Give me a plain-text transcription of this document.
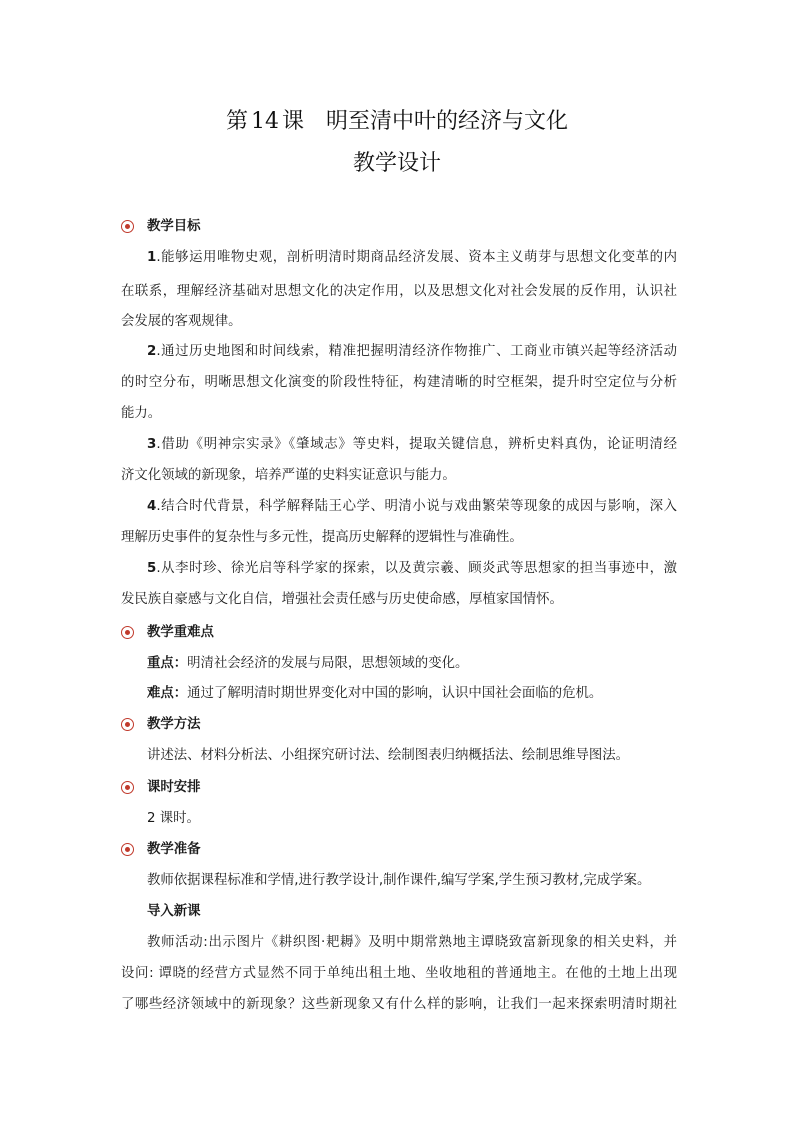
第 14 课 明至清中叶的经济与文化
教学设计
教学目标
1.能够运用唯物史观，剖析明清时期商品经济发展、资本主义萌芽与思想文化变革的内
在联系，理解经济基础对思想文化的决定作用，以及思想文化对社会发展的反作用，认识社
会发展的客观规律。
2.通过历史地图和时间线索，精准把握明清经济作物推广、工商业市镇兴起等经济活动
的时空分布，明晰思想文化演变的阶段性特征，构建清晰的时空框架，提升时空定位与分析
能力。
3.借助《明神宗实录》《肇域志》等史料，提取关键信息，辨析史料真伪，论证明清经
济文化领域的新现象，培养严谨的史料实证意识与能力。
4.结合时代背景，科学解释陆王心学、明清小说与戏曲繁荣等现象的成因与影响，深入
理解历史事件的复杂性与多元性，提高历史解释的逻辑性与准确性。
5.从李时珍、徐光启等科学家的探索，以及黄宗羲、顾炎武等思想家的担当事迹中，激
发民族自豪感与文化自信，增强社会责任感与历史使命感，厚植家国情怀。
教学重难点
重点：明清社会经济的发展与局限，思想领域的变化。
难点：通过了解明清时期世界变化对中国的影响，认识中国社会面临的危机。
教学方法
讲述法、材料分析法、小组探究研讨法、绘制图表归纳概括法、绘制思维导图法。
课时安排
2 课时。
教学准备
教师依据课程标准和学情,进行教学设计,制作课件,编写学案,学生预习教材,完成学案。
导入新课
教师活动:出示图片《耕织图·耙耨》及明中期常熟地主谭晓致富新现象的相关史料，并
设问: 谭晓的经营方式显然不同于单纯出租土地、坐收地租的普通地主。在他的土地上出现
了哪些经济领域中的新现象？这些新现象又有什么样的影响，让我们一起来探索明清时期社
